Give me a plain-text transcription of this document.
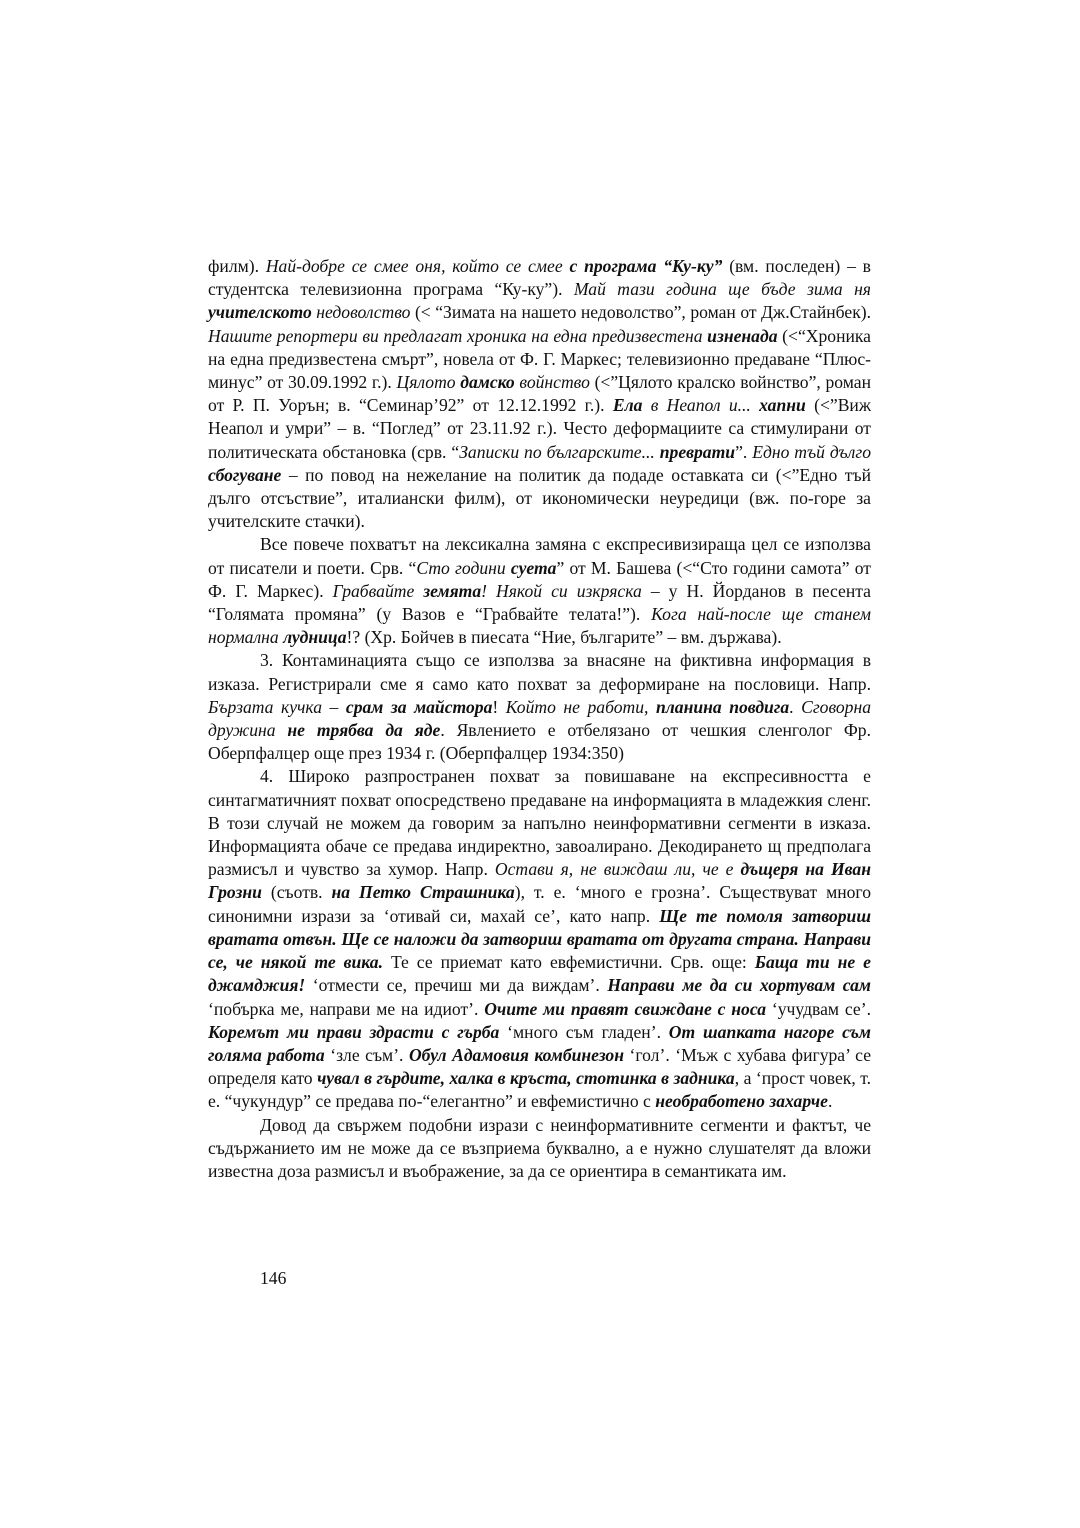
филм). Най-добре се смее оня, който се смее с програма “Ку-ку” (вм. последен) – в студентска телевизионна програма “Ку-ку”). Май тази година ще бъде зима ня учителското недоволство (< “Зимата на нашето недоволство”, роман от Дж.Стайнбек). Нашите репортери ви предлагат хроника на една предизвестена изненада (<“Хроника на една предизвестена смърт”, новела от Ф. Г. Маркес; телевизионно предаване “Плюс-минус” от 30.09.1992 г.). Цялото дамско войнство (<”Цялото кралско войнство”, роман от Р. П. Уорън; в. “Семинар’92” от 12.12.1992 г.). Ела в Неапол и... хапни (<”Виж Неапол и умри” – в. “Поглед” от 23.11.92 г.). Често деформациите са стимулирани от политическата обстановка (срв. “Записки по българските... преврати”. Едно тъй дълго сбогуване – по повод на нежелание на политик да подаде оставката си (<”Едно тъй дълго отсъствие”, италиански филм), от икономически неуредици (вж. по-горе за учителските стачки).

Все повече похватът на лексикална замяна с експресивизираща цел се използва от писатели и поети. Срв. “Сто години суета” от М. Башева (<“Сто години самота” от Ф. Г. Маркес). Грабвайте земята! Някой си изкряска – у Н. Йорданов в песента “Голямата промяна” (у Вазов е “Грабвайте телата!”). Кога най-после ще станем нормална лудница!? (Хр. Бойчев в пиесата “Ние, българите” – вм. държава).

3. Контаминацията също се използва за внасяне на фиктивна информация в изказа. Регистрирали сме я само като похват за деформиране на пословици. Напр. Бързата кучка – срам за майстора! Който не работи, планина повдига. Сговорна дружина не трябва да яде. Явлението е отбелязано от чешкия сленголог Фр. Оберпфалцер още през 1934 г. (Оберпфалцер 1934:350)

4. Широко разпространен похват за повишаване на експресивността е синтагматичният похват опосредствено предаване на информацията в младежкия сленг. В този случай не можем да говорим за напълно неинформативни сегменти в изказа. Информацията обаче се предава индиректно, завоалирано. Декодирането щ предполага размисъл и чувство за хумор. Напр. Остави я, не виждаш ли, че е дъщеря на Иван Грозни (съотв. на Петко Страшника), т. е. ‘много е грозна’. Съществуват много синонимни изрази за ‘отивай си, махай се’, като напр. Ще те помоля затвориш вратата отвън. Ще се наложи да затвориш вратата от другата страна. Направи се, че някой те вика. Те се приемат като евфемистични. Срв. още: Баща ти не е джамджия! ‘отмести се, пречиш ми да виждам’. Направи ме да си хортувам сам ‘побърка ме, направи ме на идиот’. Очите ми правят свиждане с носа ‘учудвам се’. Коремът ми прави здрасти с гърба ‘много съм гладен’. От шапката нагоре съм голяма работа ‘зле съм’. Обул Адамовия комбинезон ‘гол’. ‘Мъж с хубава фигура’ се определя като чувал в гърдите, халка в кръста, стотинка в задника, а ‘прост човек, т. е. “чукундур” се предава по-“елегантно” и евфемистично с необработено захарче.

Довод да свържем подобни изрази с неинформативните сегменти и фактът, че съдържанието им не може да се възприема буквално, а е нужно слушателят да вложи известна доза размисъл и въображение, за да се ориентира в семантиката им.

146
